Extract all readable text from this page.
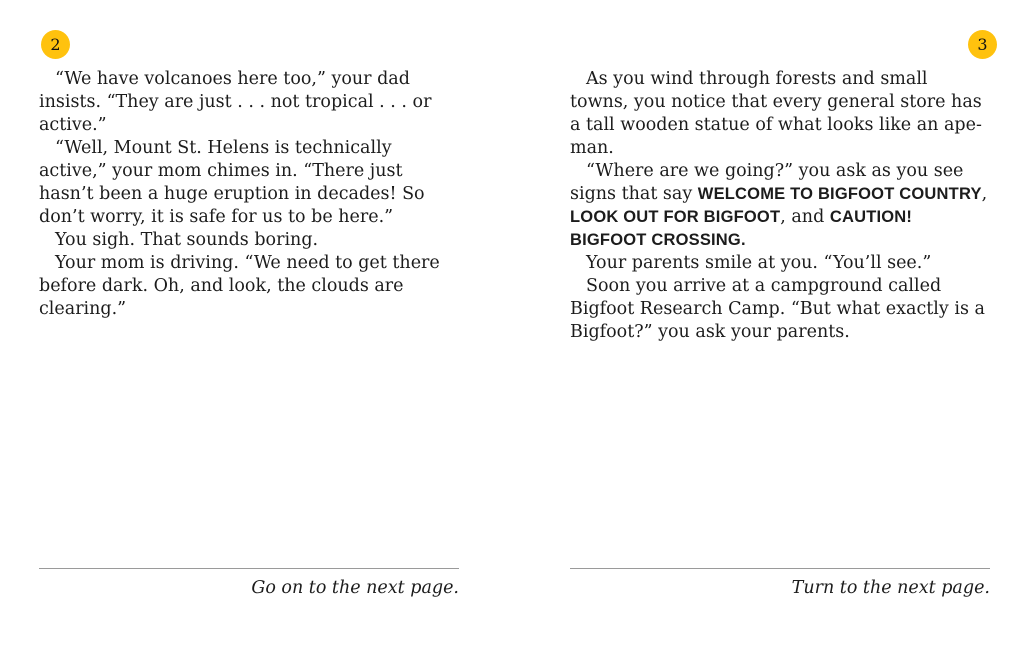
2

“We have volcanoes here too,” your dad insists. “They are just . . . not tropical . . . or active.”

“Well, Mount St. Helens is technically active,” your mom chimes in. “There just hasn’t been a huge eruption in decades! So don’t worry, it is safe for us to be here.”

You sigh. That sounds boring.

Your mom is driving. “We need to get there before dark. Oh, and look, the clouds are clearing.”

Go on to the next page.

3

As you wind through forests and small towns, you notice that every general store has a tall wooden statue of what looks like an ape-man.

“Where are we going?” you ask as you see signs that say WELCOME TO BIGFOOT COUNTRY, LOOK OUT FOR BIGFOOT, and CAUTION! BIGFOOT CROSSING.

Your parents smile at you. “You’ll see.”

Soon you arrive at a campground called Bigfoot Research Camp. “But what exactly is a Bigfoot?” you ask your parents.

Turn to the next page.
